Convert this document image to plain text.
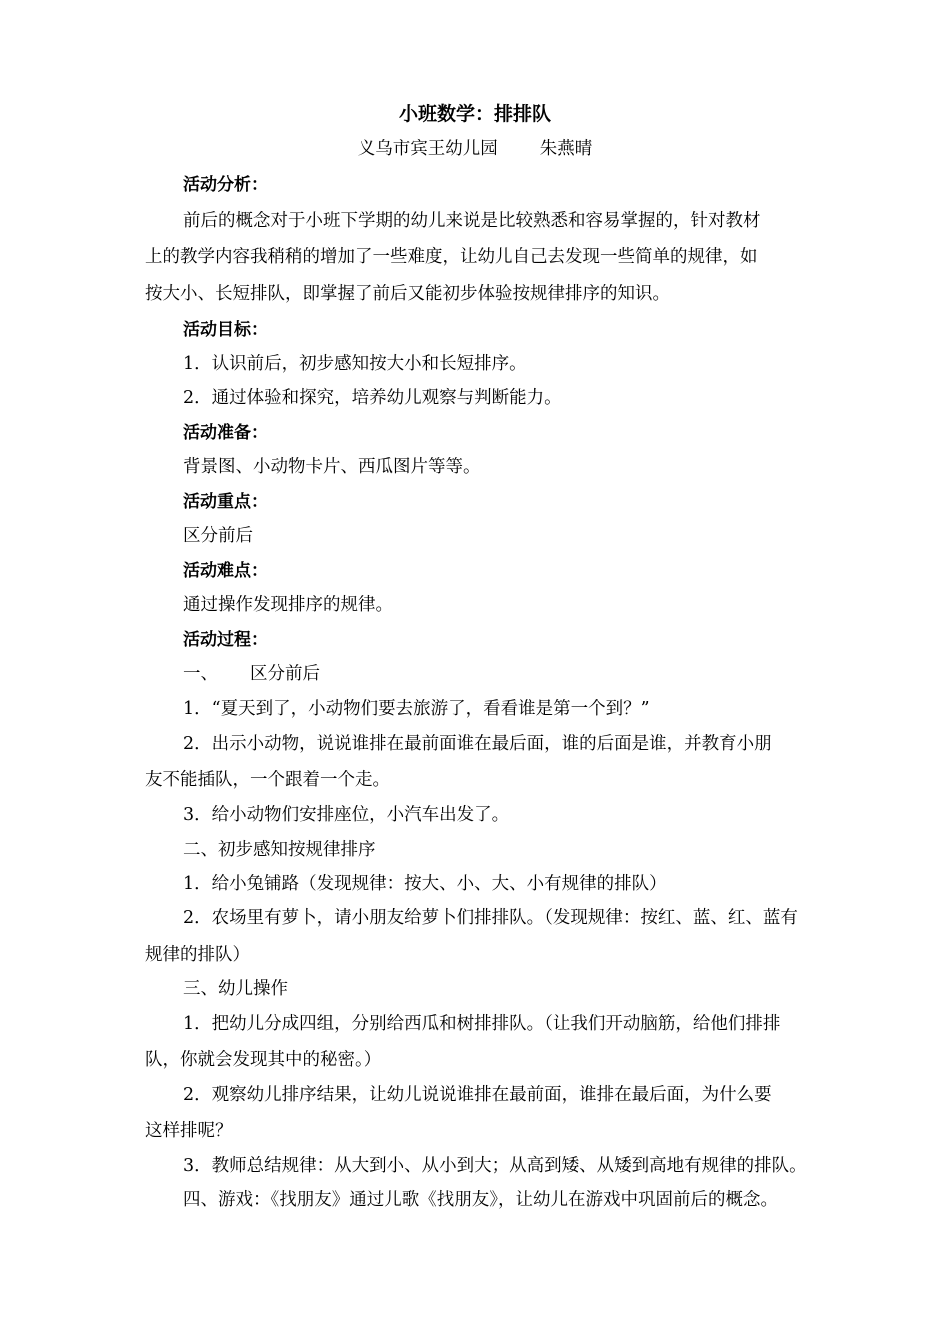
小班数学：排排队
义乌市宾王幼儿园 朱燕晴
活动分析：
前后的概念对于小班下学期的幼儿来说是比较熟悉和容易掌握的，针对教材
上的教学内容我稍稍的增加了一些难度，让幼儿自己去发现一些简单的规律，如
按大小、长短排队，即掌握了前后又能初步体验按规律排序的知识。
活动目标：
1．认识前后，初步感知按大小和长短排序。
2．通过体验和探究，培养幼儿观察与判断能力。
活动准备：
背景图、小动物卡片、西瓜图片等等。
活动重点：
区分前后
活动难点：
通过操作发现排序的规律。
活动过程：
一、 区分前后
1．“夏天到了，小动物们要去旅游了，看看谁是第一个到？”
2．出示小动物，说说谁排在最前面谁在最后面，谁的后面是谁，并教育小朋
友不能插队，一个跟着一个走。
3．给小动物们安排座位，小汽车出发了。
二、初步感知按规律排序
1．给小兔铺路（发现规律：按大、小、大、小有规律的排队）
2．农场里有萝卜，请小朋友给萝卜们排排队。（发现规律：按红、蓝、红、蓝有
规律的排队）
三、幼儿操作
1．把幼儿分成四组，分别给西瓜和树排排队。（让我们开动脑筋，给他们排排
队，你就会发现其中的秘密。）
2．观察幼儿排序结果，让幼儿说说谁排在最前面，谁排在最后面，为什么要
这样排呢？
3．教师总结规律：从大到小、从小到大；从高到矮、从矮到高地有规律的排队。
四、游戏：《找朋友》通过儿歌《找朋友》，让幼儿在游戏中巩固前后的概念。
